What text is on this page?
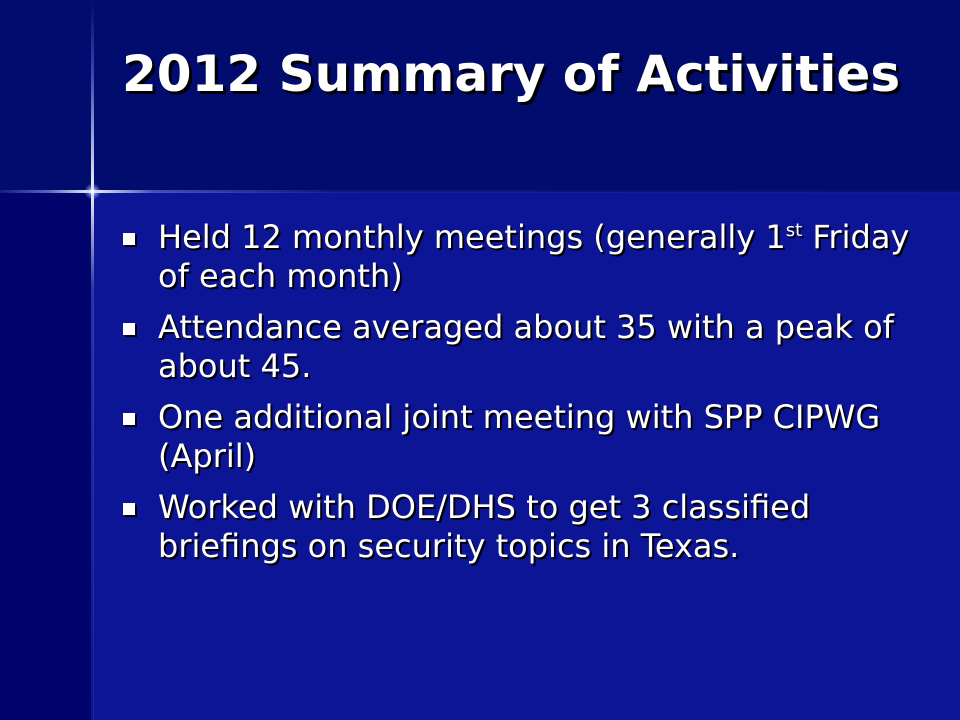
2012 Summary of Activities
Held 12 monthly meetings (generally 1st Friday of each month)
Attendance averaged about 35 with a peak of about 45.
One additional joint meeting with SPP CIPWG (April)
Worked with DOE/DHS to get 3 classified briefings on security topics in Texas.
